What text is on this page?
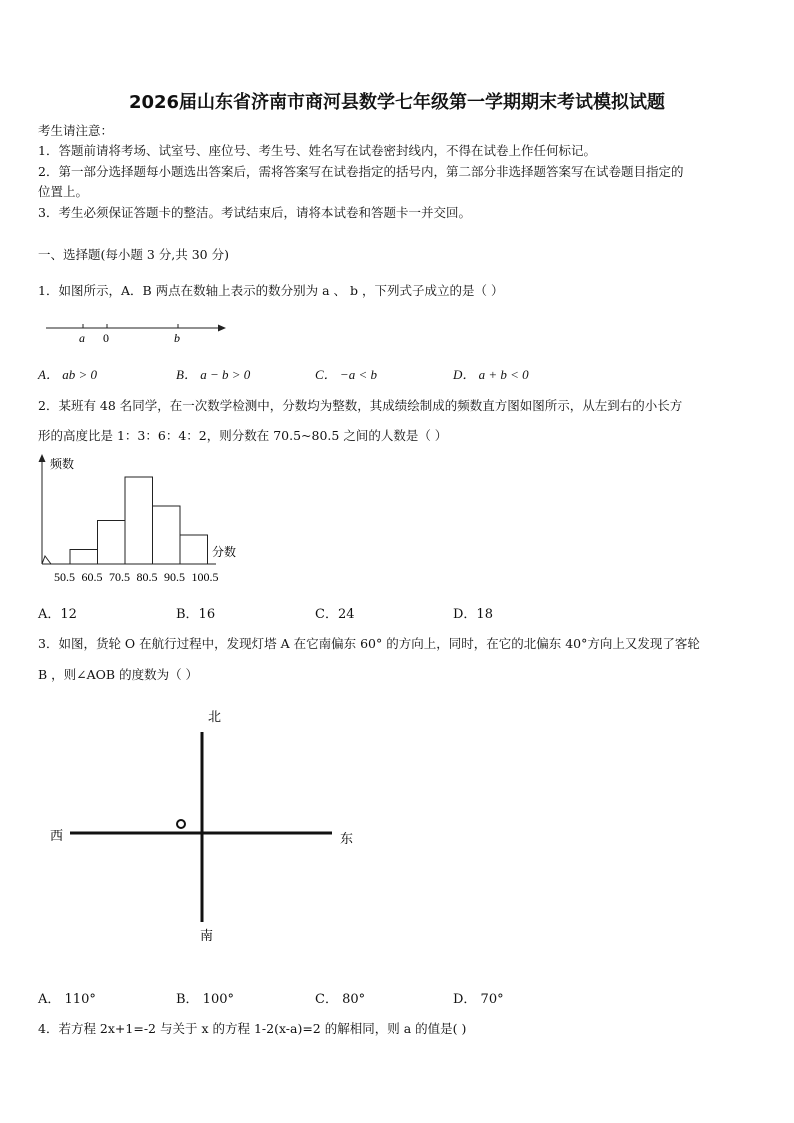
2026届山东省济南市商河县数学七年级第一学期期末考试模拟试题
考生请注意：
1．答题前请将考场、试室号、座位号、考生号、姓名写在试卷密封线内，不得在试卷上作任何标记。
2．第一部分选择题每小题选出答案后，需将答案写在试卷指定的括号内，第二部分非选择题答案写在试卷题目指定的
位置上。
3．考生必须保证答题卡的整洁。考试结束后，请将本试卷和答题卡一并交回。
一、选择题(每小题 3 分,共 30 分)
1．如图所示，A．B 两点在数轴上表示的数分别为 a 、 b ，下列式子成立的是（ ）
a 0	b
A． ab > 0	B． a − b > 0	C． −a < b	D． a + b < 0
2．某班有 48 名同学，在一次数学检测中，分数均为整数，其成绩绘制成的频数直方图如图所示，从左到右的小长方
形的高度比是 1：3：6：4：2，则分数在 70.5~80.5 之间的人数是（ ）
频数
分数
50.5 60.5 70.5 80.5 90.5 100.5
A．12	B．16	C．24	D．18
3．如图，货轮 O 在航行过程中，发现灯塔 A 在它南偏东 60° 的方向上，同时，在它的北偏东 40°方向上又发现了客轮
B ，则∠AOB 的度数为（ ）
北
西	东
南
A． 110°	B． 100°	C． 80°	D． 70°
4．若方程 2x+1=-2 与关于 x 的方程 1-2(x-a)=2 的解相同，则 a 的值是( )
